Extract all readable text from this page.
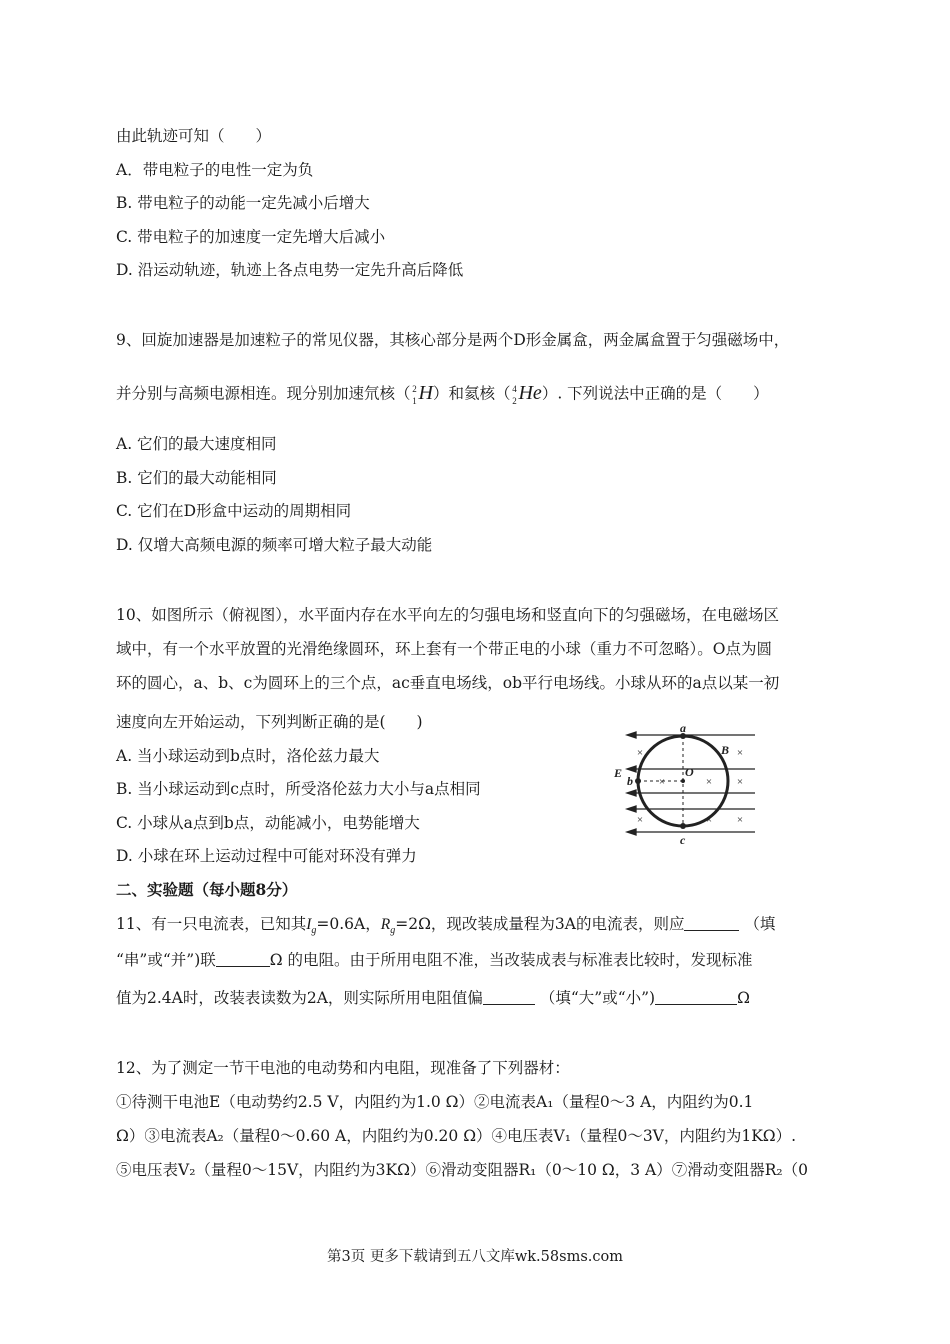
由此轨迹可知（　　）
A．带电粒子的电性一定为负
B. 带电粒子的动能一定先减小后增大
C. 带电粒子的加速度一定先增大后减小
D. 沿运动轨迹，轨迹上各点电势一定先升高后降低
9、回旋加速器是加速粒子的常见仪器，其核心部分是两个D形金属盒，两金属盒置于匀强磁场中，
并分别与高频电源相连。现分别加速氘核（ 2
1H）和氦核（ 4
2He）. 下列说法中正确的是（　　）
A. 它们的最大速度相同
B. 它们的最大动能相同
C. 它们在D形盒中运动的周期相同
D. 仅增大高频电源的频率可增大粒子最大动能
10、如图所示（俯视图），水平面内存在水平向左的匀强电场和竖直向下的匀强磁场，在电磁场区
域中，有一个水平放置的光滑绝缘圆环，环上套有一个带正电的小球（重力不可忽略）。O点为圆
环的圆心，a、b、c为圆环上的三个点，ac垂直电场线，ob平行电场线。小球从环的a点以某一初
速度向左开始运动，下列判断正确的是(　　)
A. 当小球运动到b点时，洛伦兹力最大
B. 当小球运动到c点时，所受洛伦兹力大小与a点相同
C. 小球从a点到b点，动能减小，电势能增大
D. 小球在环上运动过程中可能对环没有弹力
×	×
×	× ×
×	× ×
a
B
E	O
b
c
二、实验题（每小题8分）
11、有一只电流表，已知其$I_g=0.6A$，$R_g=2\Omega$，现改装成量程为3A的电流表，则应	（填
“串”或“并”)联	Ω 的电阻。由于所用电阻不准，当改装成表与标准表比较时，发现标准
值为2.4A时，改装表读数为2A，则实际所用电阻值偏	（填“大”或“小”)	Ω
12、为了测定一节干电池的电动势和内电阻，现准备了下列器材：
①待测干电池E（电动势约2.5 V，内阻约为1.0 Ω）②电流表A₁（量程0～3 A，内阻约为0.1
Ω）③电流表A₂（量程0～0.60 A，内阻约为0.20 Ω）④电压表V₁（量程0～3V，内阻约为1KΩ）.
⑤电压表V₂（量程0～15V，内阻约为3KΩ）⑥滑动变阻器R₁（0～10 Ω，3 A）⑦滑动变阻器R₂（0
第3页 更多下载请到五八文库wk.58sms.com
